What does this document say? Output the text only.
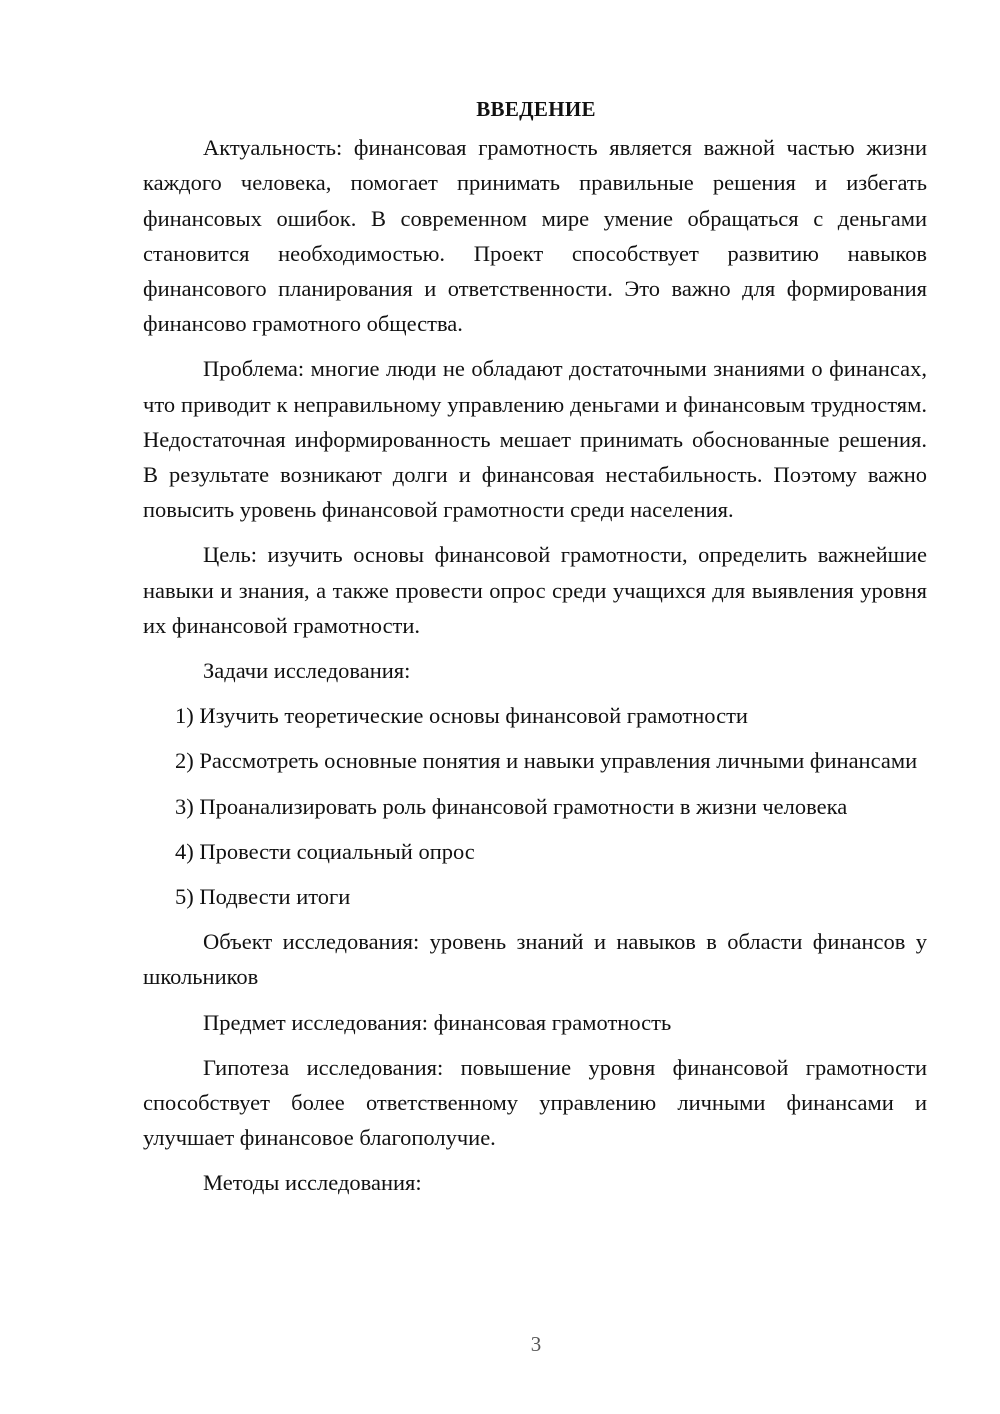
ВВЕДЕНИЕ

Актуальность: финансовая грамотность является важной частью жизни каждого человека, помогает принимать правильные решения и избегать финансовых ошибок. В современном мире умение обращаться с деньгами становится необходимостью. Проект способствует развитию навыков финансового планирования и ответственности. Это важно для формирования финансово грамотного общества.

Проблема: многие люди не обладают достаточными знаниями о финансах, что приводит к неправильному управлению деньгами и финансовым трудностям. Недостаточная информированность мешает принимать обоснованные решения. В результате возникают долги и финансовая нестабильность. Поэтому важно повысить уровень финансовой грамотности среди населения.

Цель: изучить основы финансовой грамотности, определить важнейшие навыки и знания, а также провести опрос среди учащихся для выявления уровня их финансовой грамотности.

Задачи исследования:

1) Изучить теоретические основы финансовой грамотности

2) Рассмотреть основные понятия и навыки управления личными финансами

3) Проанализировать роль финансовой грамотности в жизни человека

4) Провести социальный опрос

5) Подвести итоги

Объект исследования: уровень знаний и навыков в области финансов у школьников

Предмет исследования: финансовая грамотность

Гипотеза исследования: повышение уровня финансовой грамотности способствует более ответственному управлению личными финансами и улучшает финансовое благополучие.

Методы исследования:

3
